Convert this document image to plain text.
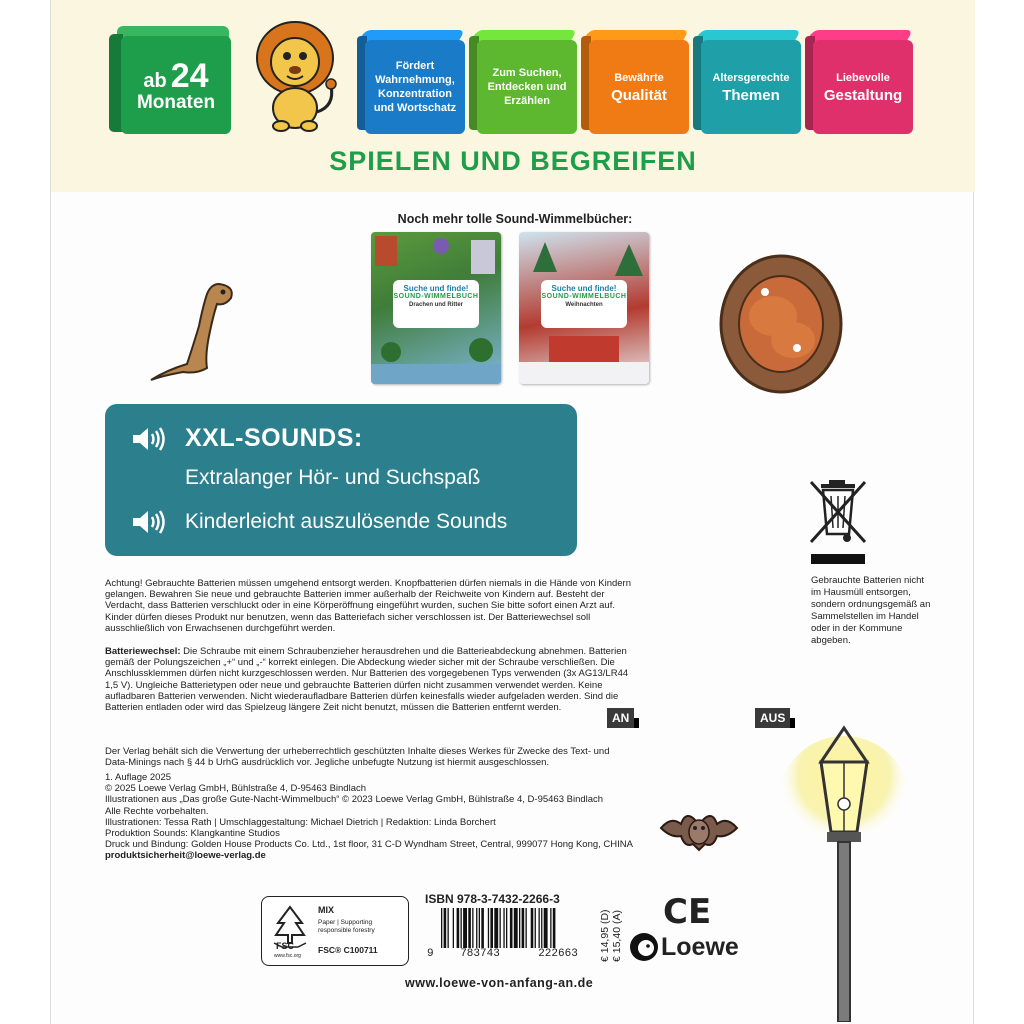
ab 24
Monaten
Fördert
Wahrnehmung,
Konzentration
und Wortschatz
Zum Suchen,
Entdecken und
Erzählen
Bewährte
Qualität
Altersgerechte
Themen
Liebevolle
Gestaltung
SPIELEN UND BEGREIFEN
Noch mehr tolle Sound-Wimmelbücher:
Suche und finde!
SOUND-WIMMELBUCH
Drachen und Ritter
Suche und finde!
SOUND-WIMMELBUCH
Weihnachten
XXL-SOUNDS:
Extralanger Hör- und Suchspaß
Kinderleicht auszulösende Sounds
Achtung! Gebrauchte Batterien müssen umgehend entsorgt werden. Knopfbatterien dürfen niemals in die Hände von Kindern gelangen. Bewahren Sie neue und gebrauchte Batterien immer außerhalb der Reichweite von Kindern auf. Besteht der Verdacht, dass Batterien verschluckt oder in eine Körperöffnung eingeführt wurden, suchen Sie bitte sofort einen Arzt auf. Kinder dürfen dieses Produkt nur benutzen, wenn das Batteriefach sicher verschlossen ist. Der Batteriewechsel soll ausschließlich von Erwachsenen durchgeführt werden.
Batteriewechsel: Die Schraube mit einem Schraubenzieher herausdrehen und die Batterieabdeckung abnehmen. Batterien gemäß der Polungszeichen „+“ und „-“ korrekt einlegen. Die Abdeckung wieder sicher mit der Schraube verschließen. Die Anschlussklemmen dürfen nicht kurzgeschlossen werden. Nur Batterien des vorgegebenen Typs verwenden (3x AG13/LR44 1,5 V). Ungleiche Batterietypen oder neue und gebrauchte Batterien dürfen nicht zusammen verwendet werden. Keine aufladbaren Batterien verwenden. Nicht wiederaufladbare Batterien dürfen keinesfalls wieder aufgeladen werden. Sind die Batterien entladen oder wird das Spielzeug längere Zeit nicht benutzt, müssen die Batterien entfernt werden.
Der Verlag behält sich die Verwertung der urheberrechtlich geschützten Inhalte dieses Werkes für Zwecke des Text- und Data-Minings nach § 44 b UrhG ausdrücklich vor. Jegliche unbefugte Nutzung ist hiermit ausgeschlossen.
1. Auflage 2025
© 2025 Loewe Verlag GmbH, Bühlstraße 4, D-95463 Bindlach
Illustrationen aus „Das große Gute-Nacht-Wimmelbuch“ © 2023 Loewe Verlag GmbH, Bühlstraße 4, D-95463 Bindlach
Alle Rechte vorbehalten.
Illustrationen: Tessa Rath | Umschlaggestaltung: Michael Dietrich | Redaktion: Linda Borchert
Produktion Sounds: Klangkantine Studios
Druck und Bindung: Golden House Products Co. Ltd., 1st floor, 31 C-D Wyndham Street, Central, 999077 Hong Kong, CHINA
produktsicherheit@loewe-verlag.de
Gebrauchte Batterien nicht im Hausmüll entsorgen, sondern ordnungsgemäß an Sammelstellen im Handel oder in der Kommune abgeben.
AN	AUS
FSC
www.fsc.org
MIX
Paper | Supporting responsible forestry
FSC® C100711
ISBN 978-3-7432-2266-3
9	783743	222663	€ 14,95 (D) € 15,40 (A) CE
Loewe
www.loewe-von-anfang-an.de
